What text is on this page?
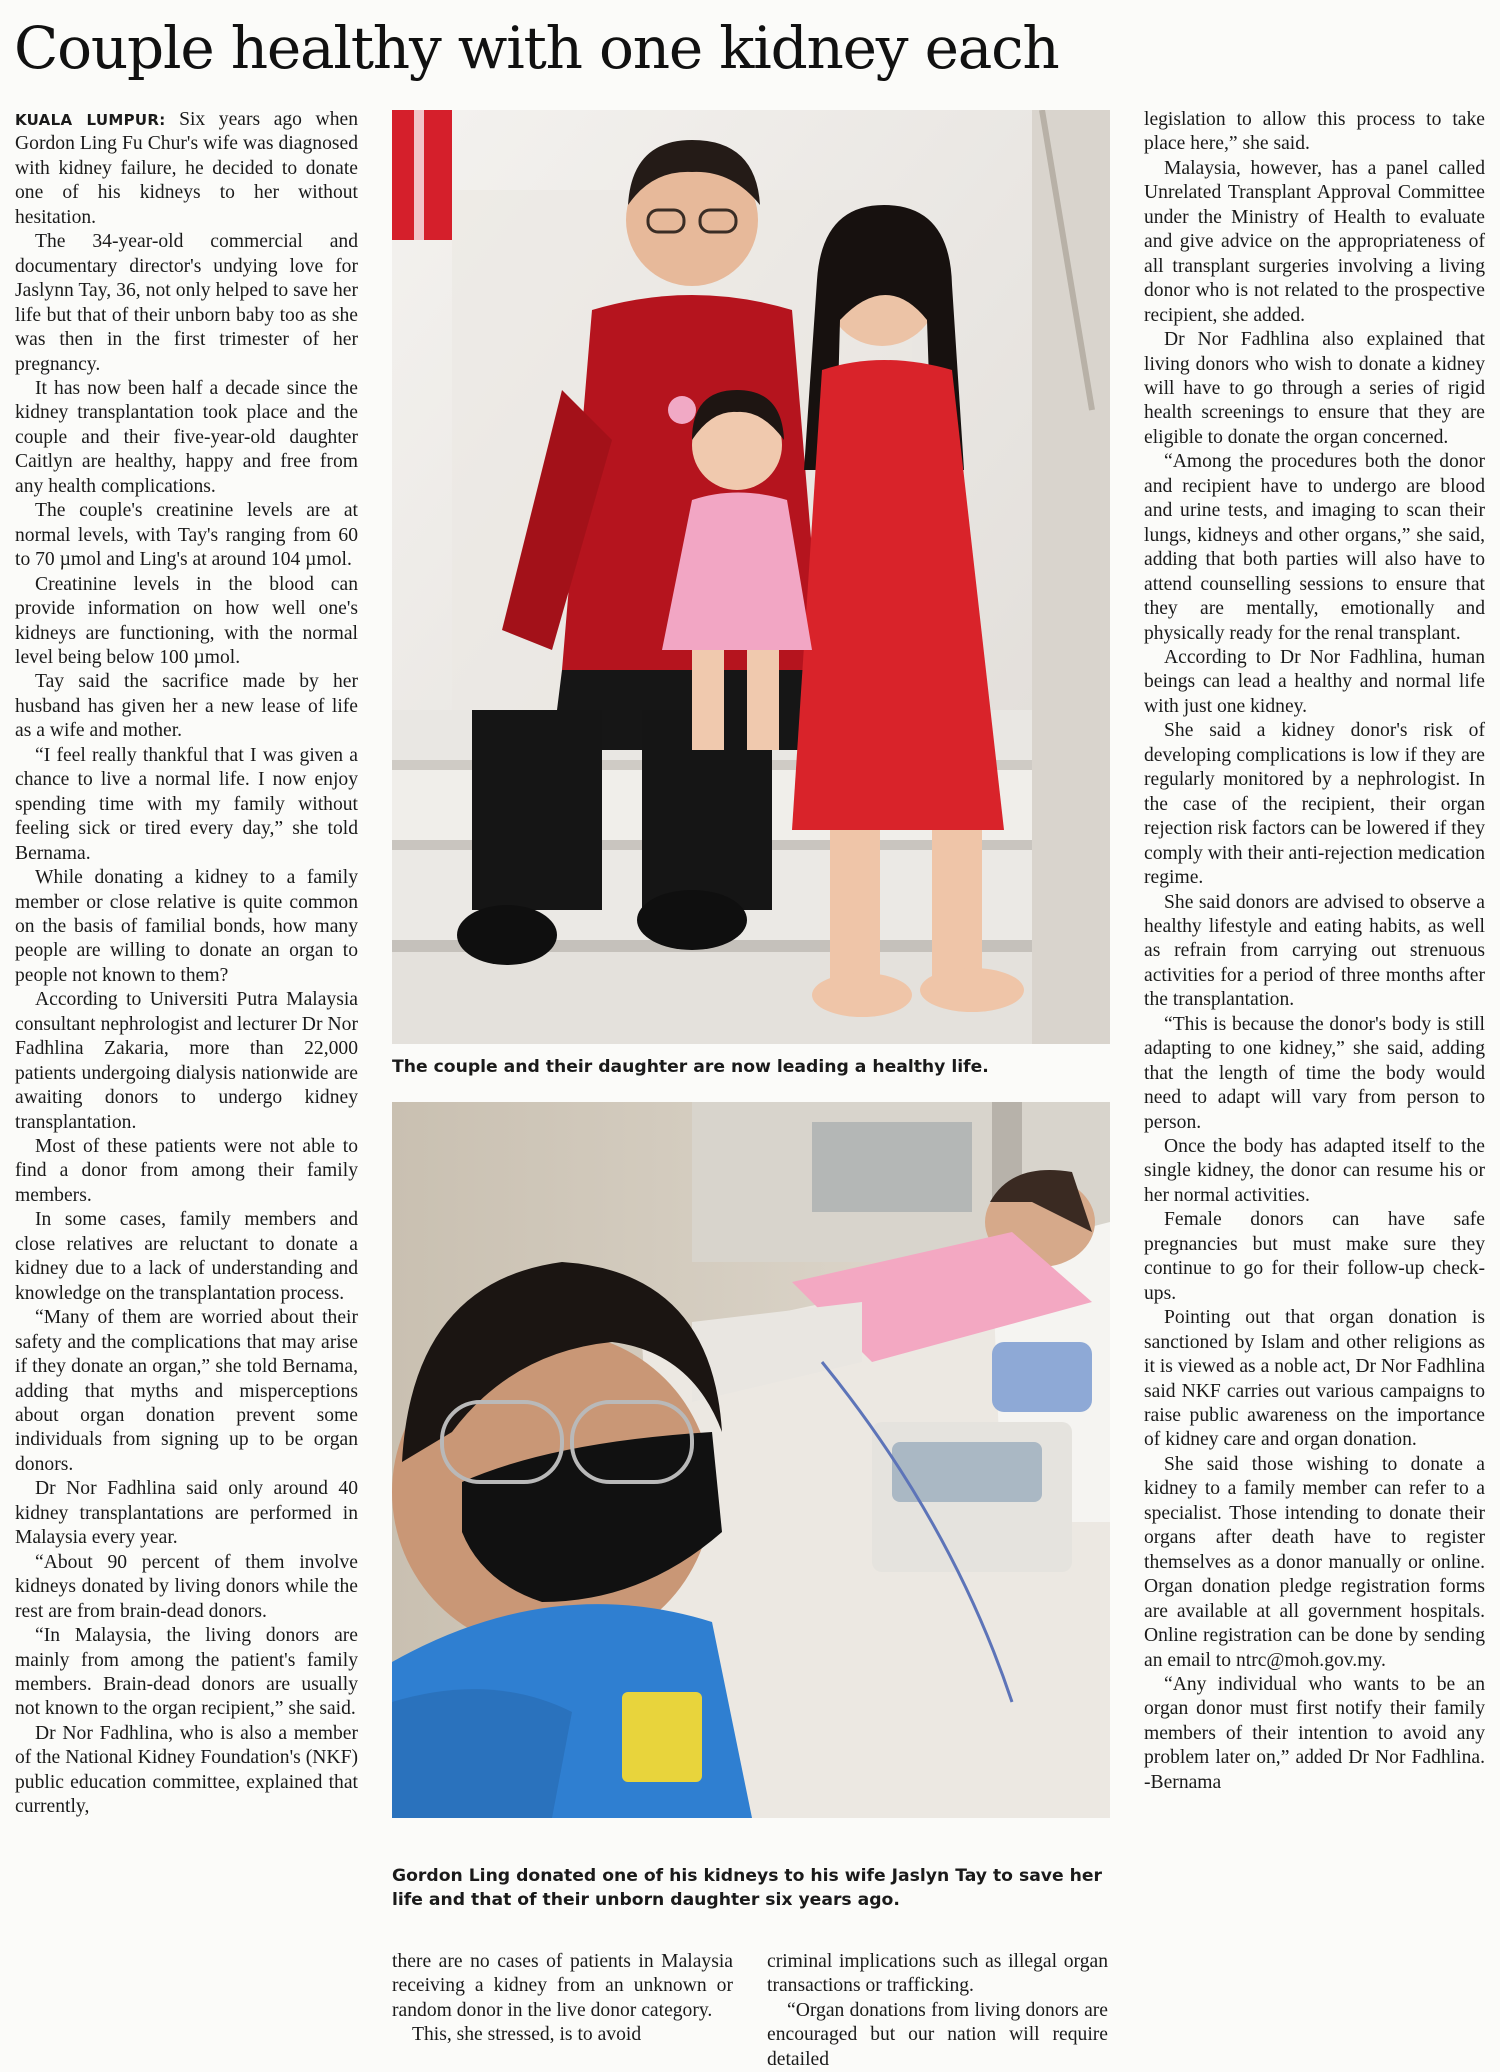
Couple healthy with one kidney each

KUALA LUMPUR: Six years ago when Gordon Ling Fu Chur's wife was diagnosed with kidney failure, he decided to donate one of his kidneys to her without hesitation.

The 34-year-old commercial and documentary director's undying love for Jaslynn Tay, 36, not only helped to save her life but that of their unborn baby too as she was then in the first trimester of her pregnancy.

It has now been half a decade since the kidney transplantation took place and the couple and their five-year-old daughter Caitlyn are healthy, happy and free from any health complications.

The couple's creatinine levels are at normal levels, with Tay's ranging from 60 to 70 µmol and Ling's at around 104 µmol.

Creatinine levels in the blood can provide information on how well one's kidneys are functioning, with the normal level being below 100 µmol.

Tay said the sacrifice made by her husband has given her a new lease of life as a wife and mother.

“I feel really thankful that I was given a chance to live a normal life. I now enjoy spending time with my family without feeling sick or tired every day,” she told Bernama.

While donating a kidney to a family member or close relative is quite common on the basis of familial bonds, how many people are willing to donate an organ to people not known to them?

According to Universiti Putra Malaysia consultant nephrologist and lecturer Dr Nor Fadhlina Zakaria, more than 22,000 patients undergoing dialysis nationwide are awaiting donors to undergo kidney transplantation.

Most of these patients were not able to find a donor from among their family members.

In some cases, family members and close relatives are reluctant to donate a kidney due to a lack of understanding and knowledge on the transplantation process.

“Many of them are worried about their safety and the complications that may arise if they donate an organ,” she told Bernama, adding that myths and misperceptions about organ donation prevent some individuals from signing up to be organ donors.

Dr Nor Fadhlina said only around 40 kidney transplantations are performed in Malaysia every year.

“About 90 percent of them involve kidneys donated by living donors while the rest are from brain-dead donors.

“In Malaysia, the living donors are mainly from among the patient's family members. Brain-dead donors are usually not known to the organ recipient,” she said.

Dr Nor Fadhlina, who is also a member of the National Kidney Foundation's (NKF) public education committee, explained that currently,

The couple and their daughter are now leading a healthy life.

Gordon Ling donated one of his kidneys to his wife Jaslyn Tay to save her life and that of their unborn daughter six years ago.

there are no cases of patients in Malaysia receiving a kidney from an unknown or random donor in the live donor category.

This, she stressed, is to avoid

criminal implications such as illegal organ transactions or trafficking.

“Organ donations from living donors are encouraged but our nation will require detailed

legislation to allow this process to take place here,” she said.

Malaysia, however, has a panel called Unrelated Transplant Approval Committee under the Ministry of Health to evaluate and give advice on the appropriateness of all transplant surgeries involving a living donor who is not related to the prospective recipient, she added.

Dr Nor Fadhlina also explained that living donors who wish to donate a kidney will have to go through a series of rigid health screenings to ensure that they are eligible to donate the organ concerned.

“Among the procedures both the donor and recipient have to undergo are blood and urine tests, and imaging to scan their lungs, kidneys and other organs,” she said, adding that both parties will also have to attend counselling sessions to ensure that they are mentally, emotionally and physically ready for the renal transplant.

According to Dr Nor Fadhlina, human beings can lead a healthy and normal life with just one kidney.

She said a kidney donor's risk of developing complications is low if they are regularly monitored by a nephrologist. In the case of the recipient, their organ rejection risk factors can be lowered if they comply with their anti-rejection medication regime.

She said donors are advised to observe a healthy lifestyle and eating habits, as well as refrain from carrying out strenuous activities for a period of three months after the transplantation.

“This is because the donor's body is still adapting to one kidney,” she said, adding that the length of time the body would need to adapt will vary from person to person.

Once the body has adapted itself to the single kidney, the donor can resume his or her normal activities.

Female donors can have safe pregnancies but must make sure they continue to go for their follow-up check-ups.

Pointing out that organ donation is sanctioned by Islam and other religions as it is viewed as a noble act, Dr Nor Fadhlina said NKF carries out various campaigns to raise public awareness on the importance of kidney care and organ donation.

She said those wishing to donate a kidney to a family member can refer to a specialist. Those intending to donate their organs after death have to register themselves as a donor manually or online. Organ donation pledge registration forms are available at all government hospitals. Online registration can be done by sending an email to ntrc@moh.gov.my.

“Any individual who wants to be an organ donor must first notify their family members of their intention to avoid any problem later on,” added Dr Nor Fadhlina. -Bernama
